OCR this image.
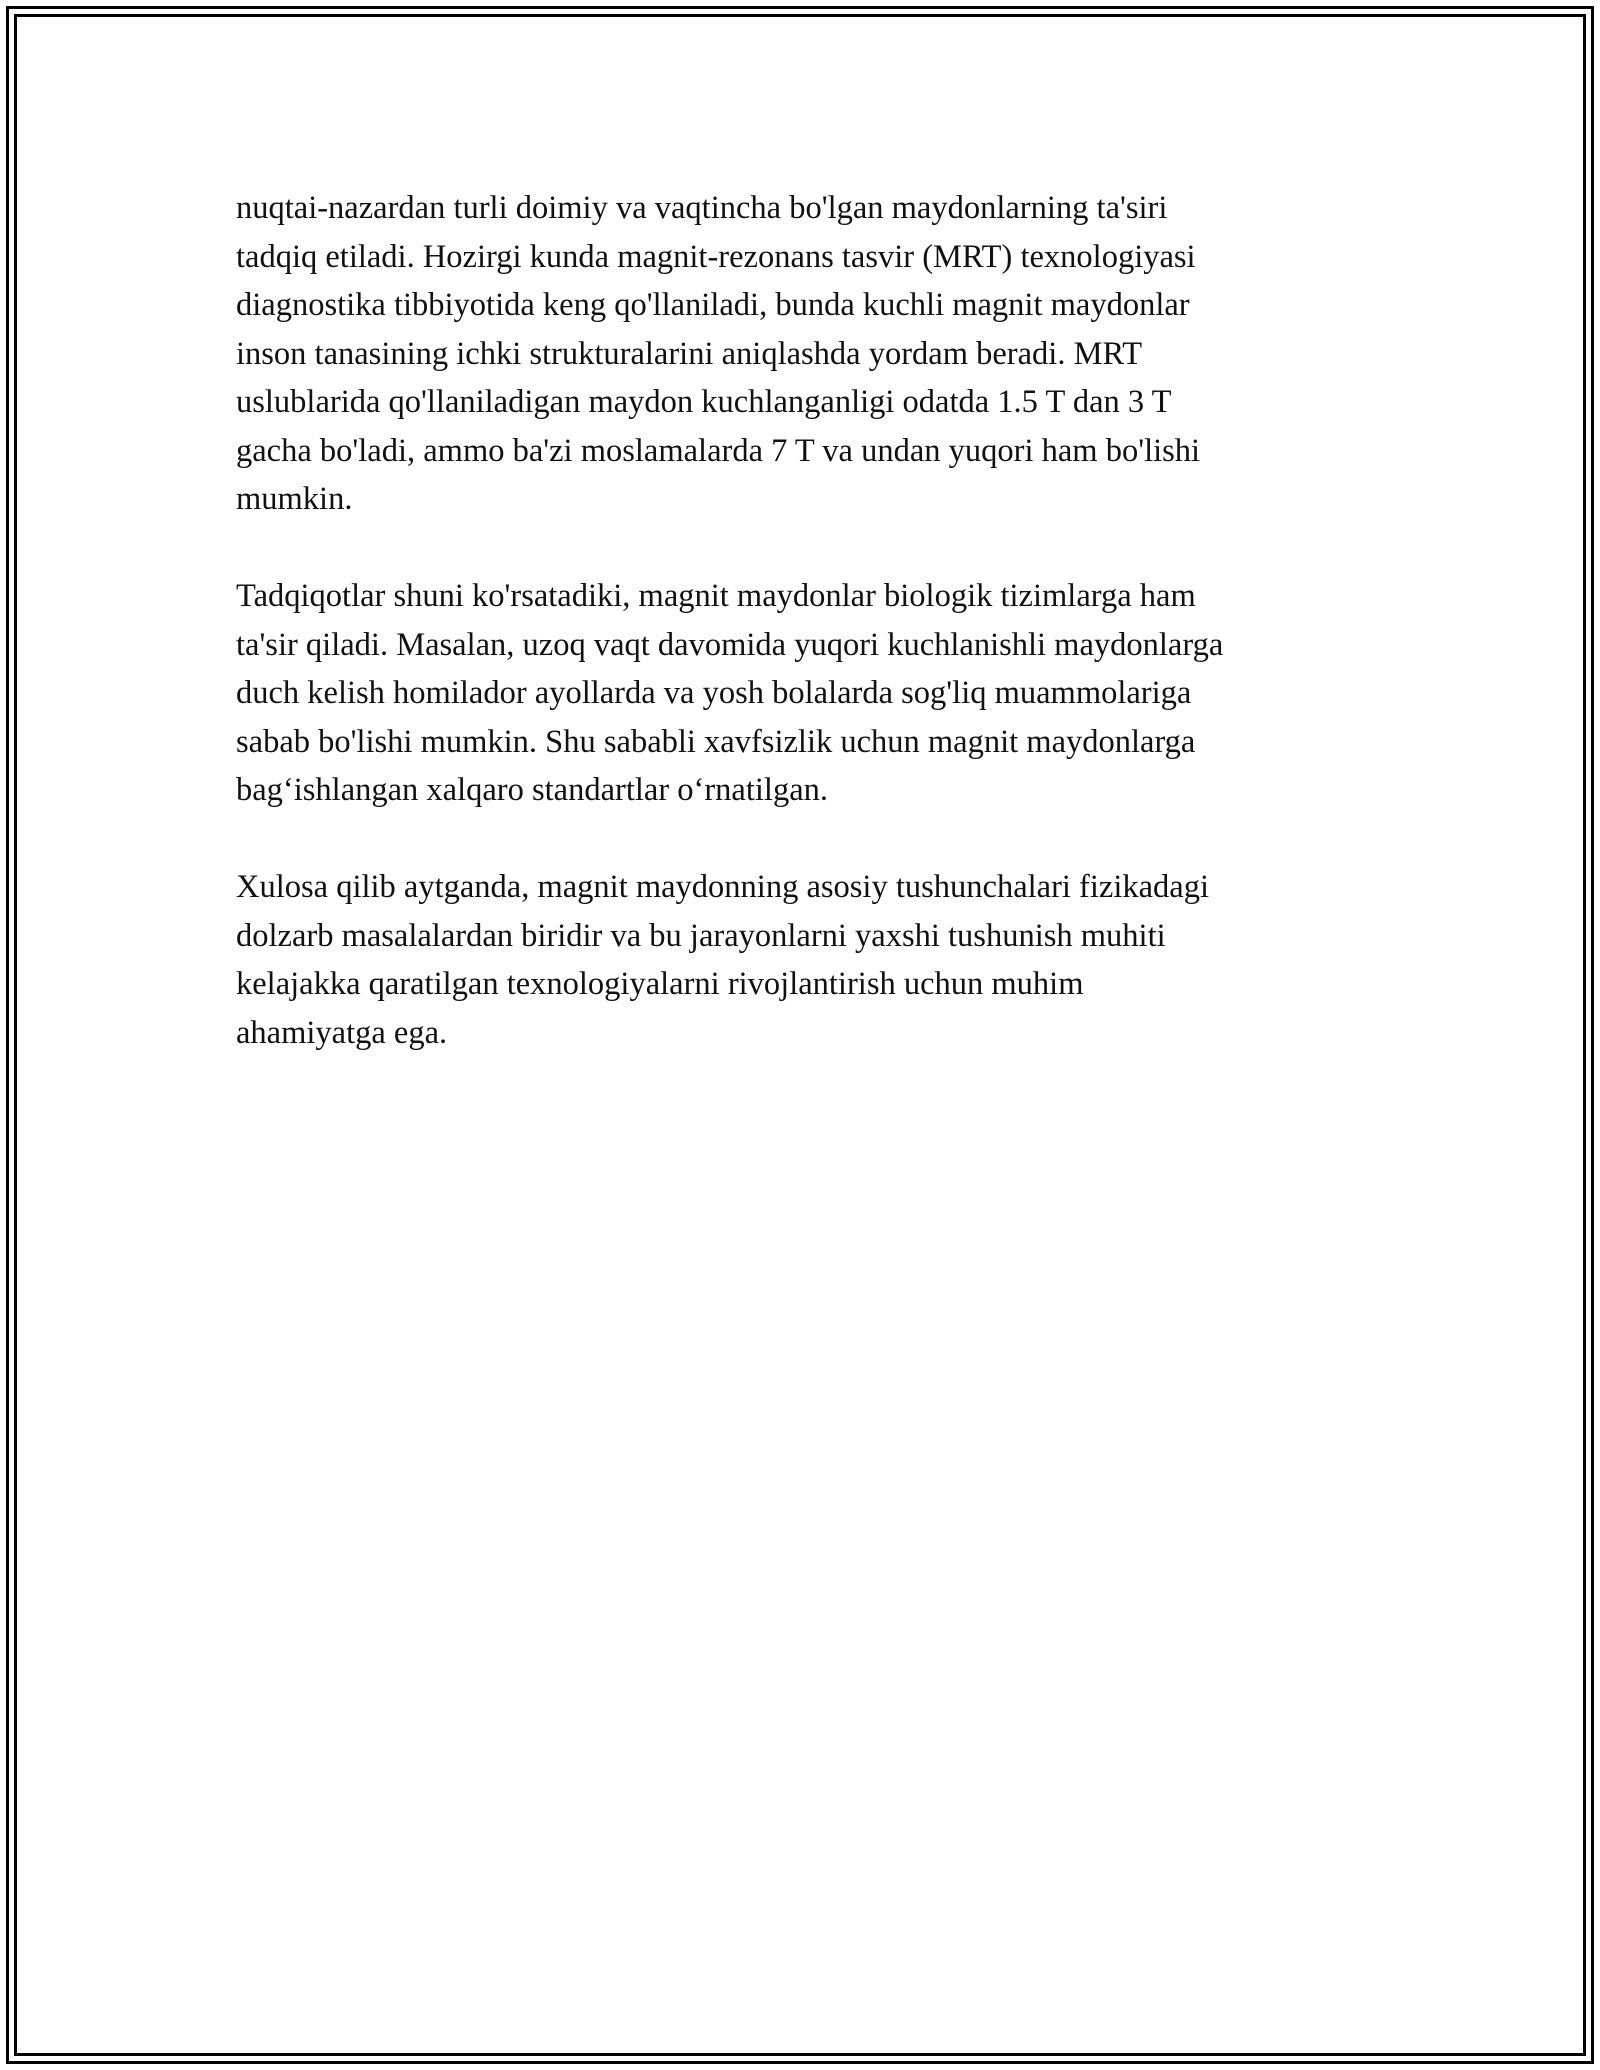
nuqtai-nazardan turli doimiy va vaqtincha bo'lgan maydonlarning ta'siri
tadqiq etiladi. Hozirgi kunda magnit-rezonans tasvir (MRT) texnologiyasi
diagnostika tibbiyotida keng qo'llaniladi, bunda kuchli magnit maydonlar
inson tanasining ichki strukturalarini aniqlashda yordam beradi. MRT
uslublarida qo'llaniladigan maydon kuchlanganligi odatda 1.5 T dan 3 T
gacha bo'ladi, ammo ba'zi moslamalarda 7 T va undan yuqori ham bo'lishi
mumkin.

Tadqiqotlar shuni ko'rsatadiki, magnit maydonlar biologik tizimlarga ham
ta'sir qiladi. Masalan, uzoq vaqt davomida yuqori kuchlanishli maydonlarga
duch kelish homilador ayollarda va yosh bolalarda sog'liq muammolariga
sabab bo'lishi mumkin. Shu sababli xavfsizlik uchun magnit maydonlarga
bag‘ishlangan xalqaro standartlar o‘rnatilgan.

Xulosa qilib aytganda, magnit maydonning asosiy tushunchalari fizikadagi
dolzarb masalalardan biridir va bu jarayonlarni yaxshi tushunish muhiti
kelajakka qaratilgan texnologiyalarni rivojlantirish uchun muhim
ahamiyatga ega.
